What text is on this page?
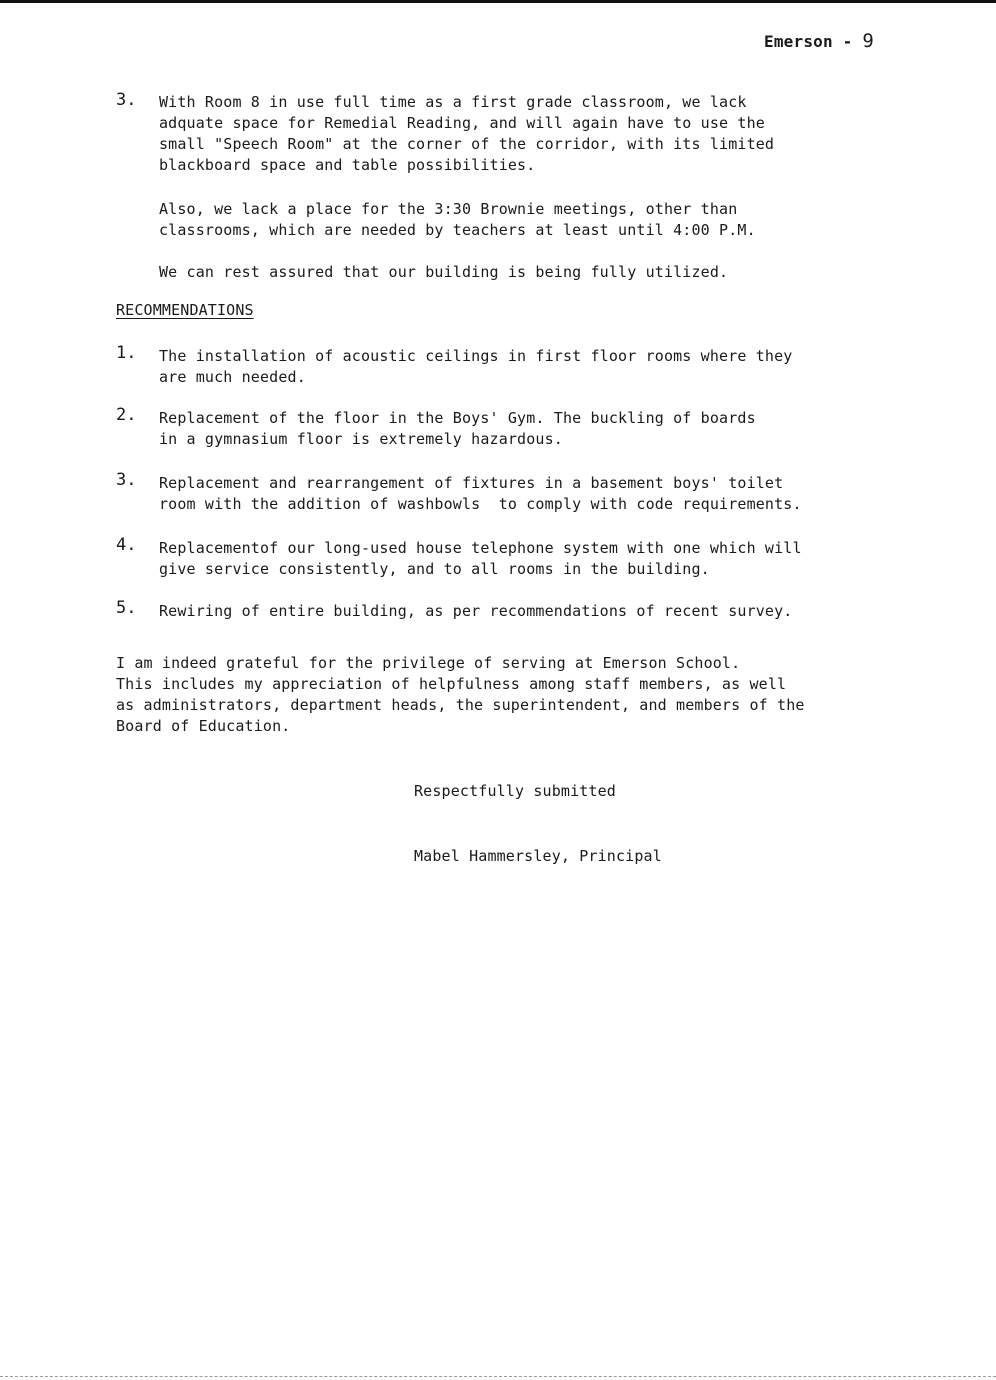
Emerson - 9
3. With Room 8 in use full time as a first grade classroom, we lack
adquate space for Remedial Reading, and will again have to use the
small "Speech Room" at the corner of the corridor, with its limited
blackboard space and table possibilities.
Also, we lack a place for the 3:30 Brownie meetings, other than
classrooms, which are needed by teachers at least until 4:00 P.M.
We can rest assured that our building is being fully utilized.
RECOMMENDATIONS
1. The installation of acoustic ceilings in first floor rooms where they
are much needed.
2. Replacement of the floor in the Boys' Gym. The buckling of boards
in a gymnasium floor is extremely hazardous.
3. Replacement and rearrangement of fixtures in a basement boys' toilet
room with the addition of washbowls  to comply with code requirements.
4. Replacementof our long-used house telephone system with one which will
give service consistently, and to all rooms in the building.
5. Rewiring of entire building, as per recommendations of recent survey.
I am indeed grateful for the privilege of serving at Emerson School.
This includes my appreciation of helpfulness among staff members, as well
as administrators, department heads, the superintendent, and members of the
Board of Education.
Respectfully submitted
Mabel Hammersley, Principal
